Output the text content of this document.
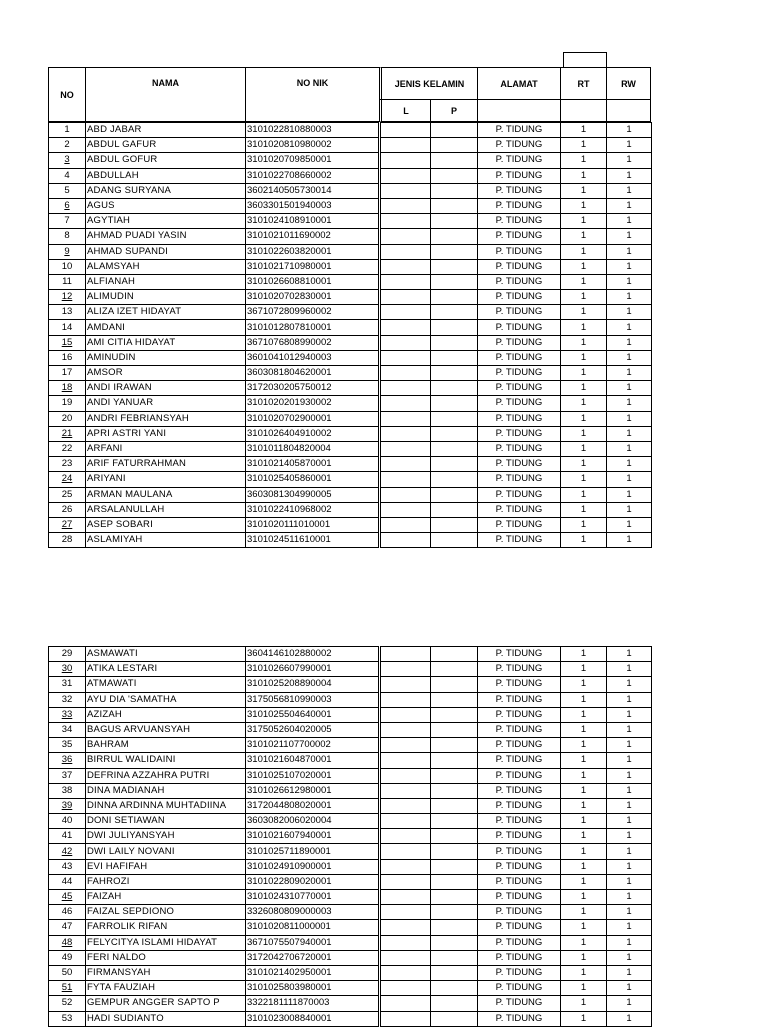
NO
NAMA	NO NIK	JENIS KELAMIN
L	P
ALAMAT	RT	RW
1	ABD JABAR	3101022810880003			P. TIDUNG	1	1
2	ABDUL GAFUR	3101020810980002			P. TIDUNG	1	1
3	ABDUL GOFUR	3101020709850001			P. TIDUNG	1	1
4	ABDULLAH	3101022708660002			P. TIDUNG	1	1
5	ADANG SURYANA	3602140505730014			P. TIDUNG	1	1
6	AGUS	3603301501940003			P. TIDUNG	1	1
7	AGYTIAH	3101024108910001			P. TIDUNG	1	1
8	AHMAD PUADI YASIN	3101021011690002			P. TIDUNG	1	1
9	AHMAD SUPANDI	3101022603820001			P. TIDUNG	1	1
10	ALAMSYAH	3101021710980001			P. TIDUNG	1	1
11	ALFIANAH	3101026608810001			P. TIDUNG	1	1
12	ALIMUDIN	3101020702830001			P. TIDUNG	1	1
13	ALIZA IZET HIDAYAT	3671072809960002			P. TIDUNG	1	1
14	AMDANI	3101012807810001			P. TIDUNG	1	1
15	AMI CITIA HIDAYAT	3671076808990002			P. TIDUNG	1	1
16	AMINUDIN	3601041012940003			P. TIDUNG	1	1
17	AMSOR	3603081804620001			P. TIDUNG	1	1
18	ANDI IRAWAN	3172030205750012			P. TIDUNG	1	1
19	ANDI YANUAR	3101020201930002			P. TIDUNG	1	1
20	ANDRI FEBRIANSYAH	3101020702900001			P. TIDUNG	1	1
21	APRI ASTRI YANI	3101026404910002			P. TIDUNG	1	1
22	ARFANI	3101011804820004			P. TIDUNG	1	1
23	ARIF FATURRAHMAN	3101021405870001			P. TIDUNG	1	1
24	ARIYANI	3101025405860001			P. TIDUNG	1	1
25	ARMAN MAULANA	3603081304990005			P. TIDUNG	1	1
26	ARSALANULLAH	3101022410968002			P. TIDUNG	1	1
27	ASEP SOBARI	3101020111010001			P. TIDUNG	1	1
28	ASLAMIYAH	3101024511610001			P. TIDUNG	1	1
29	ASMAWATI	3604146102880002			P. TIDUNG	1	1
30	ATIKA LESTARI	3101026607990001			P. TIDUNG	1	1
31	ATMAWATI	3101025208890004			P. TIDUNG	1	1
32	AYU DIA 'SAMATHA	3175056810990003			P. TIDUNG	1	1
33	AZIZAH	3101025504640001			P. TIDUNG	1	1
34	BAGUS ARVUANSYAH	3175052604020005			P. TIDUNG	1	1
35	BAHRAM	3101021107700002			P. TIDUNG	1	1
36	BIRRUL WALIDAINI	3101021604870001			P. TIDUNG	1	1
37	DEFRINA AZZAHRA PUTRI	3101025107020001			P. TIDUNG	1	1
38	DINA MADIANAH	3101026612980001			P. TIDUNG	1	1
39	DINNA ARDINNA MUHTADIINA	3172044808020001			P. TIDUNG	1	1
40	DONI SETIAWAN	3603082006020004			P. TIDUNG	1	1
41	DWI JULIYANSYAH	3101021607940001			P. TIDUNG	1	1
42	DWI LAILY NOVANI	3101025711890001			P. TIDUNG	1	1
43	EVI HAFIFAH	3101024910900001			P. TIDUNG	1	1
44	FAHROZI	3101022809020001			P. TIDUNG	1	1
45	FAIZAH	3101024310770001			P. TIDUNG	1	1
46	FAIZAL SEPDIONO	3326080809000003			P. TIDUNG	1	1
47	FARROLIK RIFAN	3101020811000001			P. TIDUNG	1	1
48	FELYCITYA ISLAMI HIDAYAT	3671075507940001			P. TIDUNG	1	1
49	FERI NALDO	3172042706720001			P. TIDUNG	1	1
50	FIRMANSYAH	3101021402950001			P. TIDUNG	1	1
51	FYTA FAUZIAH	3101025803980001			P. TIDUNG	1	1
52	GEMPUR ANGGER SAPTO P	3322181111870003			P. TIDUNG	1	1
53	HADI SUDIANTO	3101023008840001			P. TIDUNG	1	1
